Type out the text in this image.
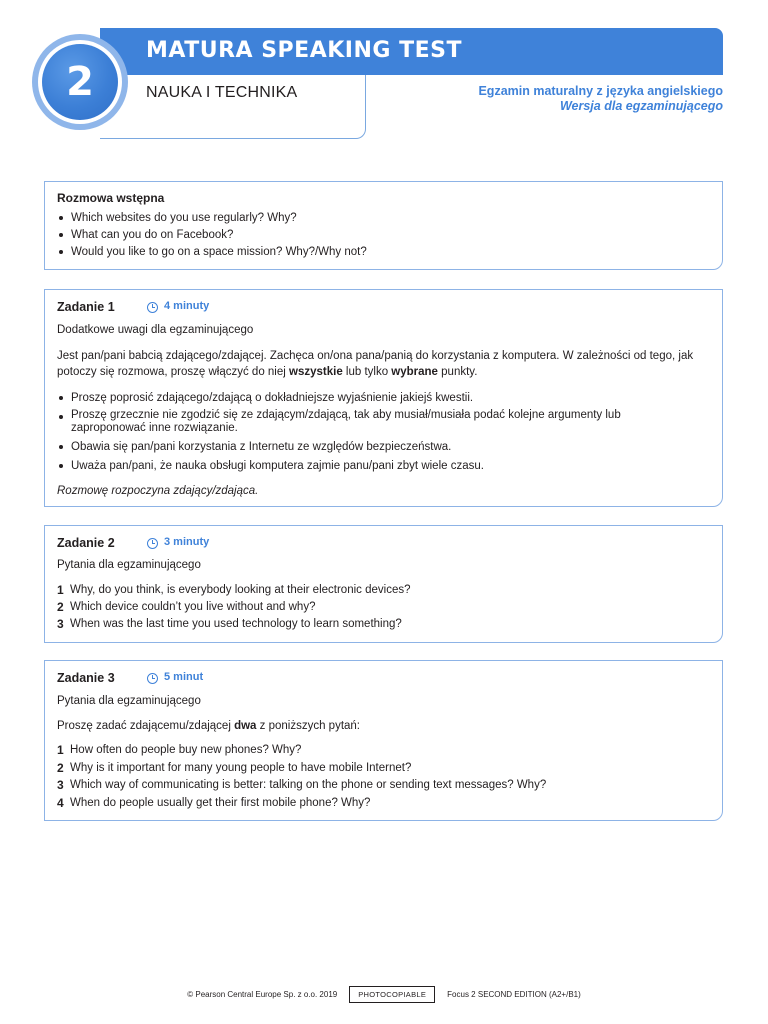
2
MATURA SPEAKING TEST
NAUKA I TECHNIKA	Egzamin maturalny z języka angielskiego
Wersja dla egzaminującego
Rozmowa wstępna
Which websites do you use regularly? Why?
What can you do on Facebook?
Would you like to go on a space mission? Why?/Why not?
Zadanie 1	4 minuty

Dodatkowe uwagi dla egzaminującego

Jest pan/pani babcią zdającego/zdającej. Zachęca on/ona pana/panią do korzystania z komputera. W zależności od tego, jak potoczy się rozmowa, proszę włączyć do niej wszystkie lub tylko wybrane punkty.

Proszę poprosić zdającego/zdającą o dokładniejsze wyjaśnienie jakiejś kwestii.
Proszę grzecznie nie zgodzić się ze zdającym/zdającą, tak aby musiał/musiała podać kolejne argumenty lub zaproponować inne rozwiązanie.
Obawia się pan/pani korzystania z Internetu ze względów bezpieczeństwa.
Uważa pan/pani, że nauka obsługi komputera zajmie panu/pani zbyt wiele czasu.

Rozmowę rozpoczyna zdający/zdająca.

Zadanie 2	3 minuty

Pytania dla egzaminującego

1 Why, do you think, is everybody looking at their electronic devices?
2 Which device couldn’t you live without and why?
3 When was the last time you used technology to learn something?
Zadanie 3	5 minut

Pytania dla egzaminującego

Proszę zadać zdającemu/zdającej dwa z poniższych pytań:

1 How often do people buy new phones? Why?
2 Why is it important for many young people to have mobile Internet?
3 Which way of communicating is better: talking on the phone or sending text messages? Why?
4 When do people usually get their first mobile phone? Why?
© Pearson Central Europe Sp. z o.o. 2019	PHOTOCOPIABLE	Focus 2 SECOND EDITION (A2+/B1)
